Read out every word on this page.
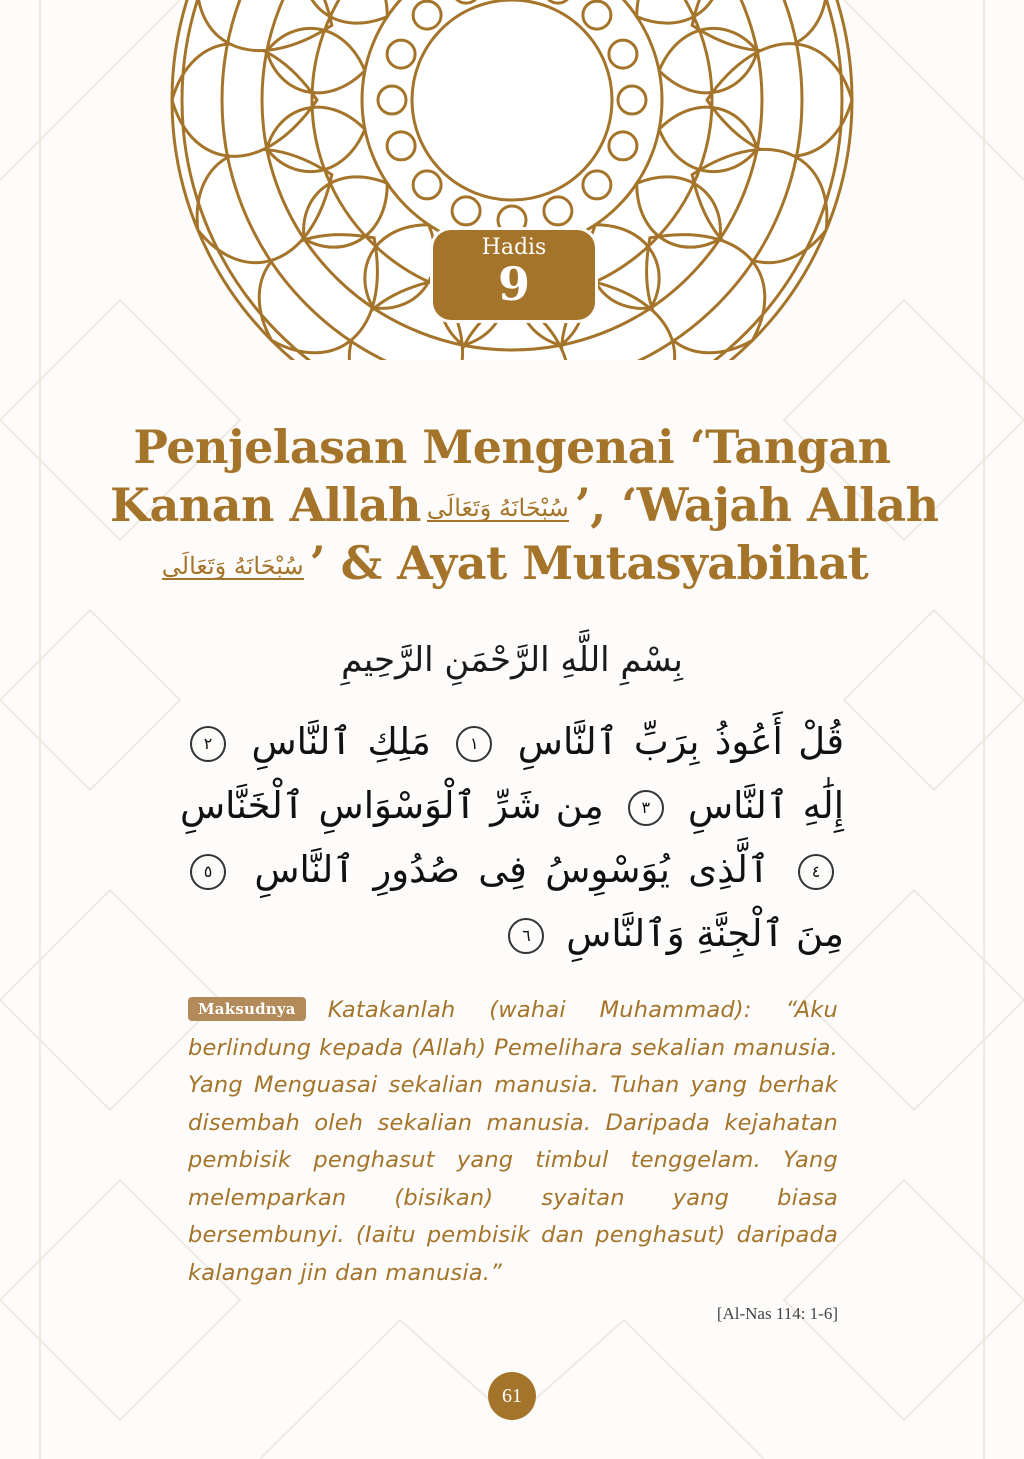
Hadis
9
Penjelasan Mengenai ‘Tangan
Kanan Allah سُبْحَانَهُ وَتَعَالَى ’, ‘Wajah Allah
سُبْحَانَهُ وَتَعَالَى ’ & Ayat Mutasyabihat
بِسْمِ اللَّهِ الرَّحْمَنِ الرَّحِيمِ
قُلْ أَعُوذُ بِرَبِّ ٱلنَّاسِ ١ مَلِكِ ٱلنَّاسِ ٢ إِلَٰهِ ٱلنَّاسِ ٣ مِن شَرِّ ٱلْوَسْوَاسِ ٱلْخَنَّاسِ ٤ ٱلَّذِى يُوَسْوِسُ فِى صُدُورِ ٱلنَّاسِ ٥ مِنَ ٱلْجِنَّةِ وَٱلنَّاسِ ٦
Maksudnya Katakanlah (wahai Muhammad): “Aku berlindung kepada (Allah) Pemelihara sekalian manusia. Yang Menguasai sekalian manusia. Tuhan yang berhak disembah oleh sekalian manusia. Daripada kejahatan pembisik penghasut yang timbul tenggelam. Yang melemparkan (bisikan) syaitan yang biasa bersembunyi. (Iaitu pembisik dan penghasut) daripada kalangan jin dan manusia.”
[Al-Nas 114: 1-6]
61
